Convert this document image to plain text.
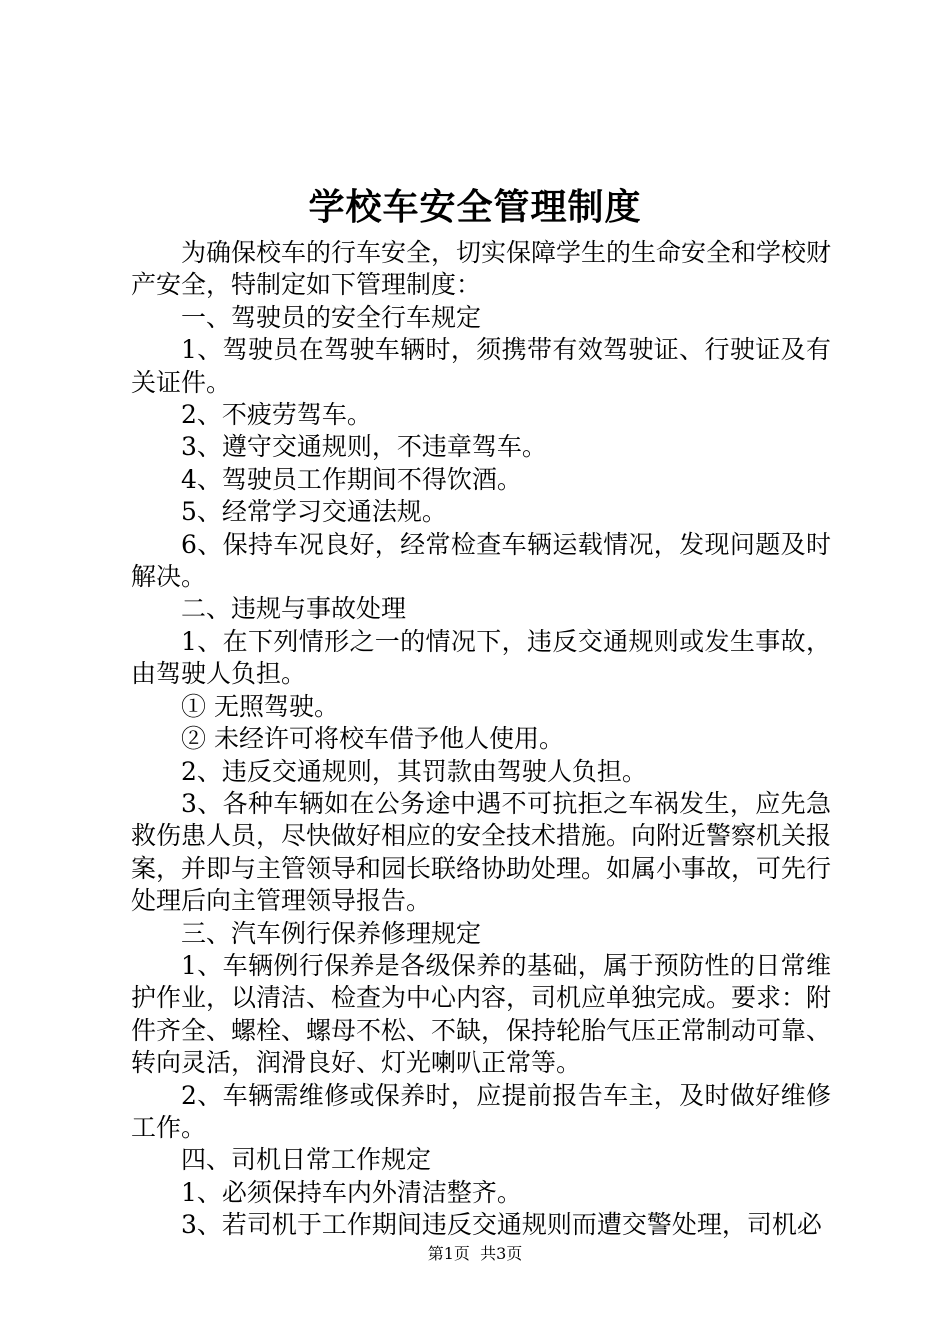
学校车安全管理制度

为确保校车的行车安全，切实保障学生的生命安全和学校财产安全，特制定如下管理制度：

一、驾驶员的安全行车规定

1、驾驶员在驾驶车辆时，须携带有效驾驶证、行驶证及有关证件。

2、不疲劳驾车。

3、遵守交通规则，不违章驾车。

4、驾驶员工作期间不得饮酒。

5、经常学习交通法规。

6、保持车况良好，经常检查车辆运载情况，发现问题及时解决。

二、违规与事故处理

1、在下列情形之一的情况下，违反交通规则或发生事故，由驾驶人负担。

① 无照驾驶。

② 未经许可将校车借予他人使用。

2、违反交通规则，其罚款由驾驶人负担。

3、各种车辆如在公务途中遇不可抗拒之车祸发生，应先急救伤患人员，尽快做好相应的安全技术措施。向附近警察机关报案，并即与主管领导和园长联络协助处理。如属小事故，可先行处理后向主管理领导报告。

三、汽车例行保养修理规定

1、车辆例行保养是各级保养的基础，属于预防性的日常维护作业，以清洁、检查为中心内容，司机应单独完成。要求：附件齐全、螺栓、螺母不松、不缺，保持轮胎气压正常制动可靠、转向灵活，润滑良好、灯光喇叭正常等。

2、车辆需维修或保养时，应提前报告车主，及时做好维修工作。

四、司机日常工作规定

1、必须保持车内外清洁整齐。

3、若司机于工作期间违反交通规则而遭交警处理，司机必

第1页 共3页
